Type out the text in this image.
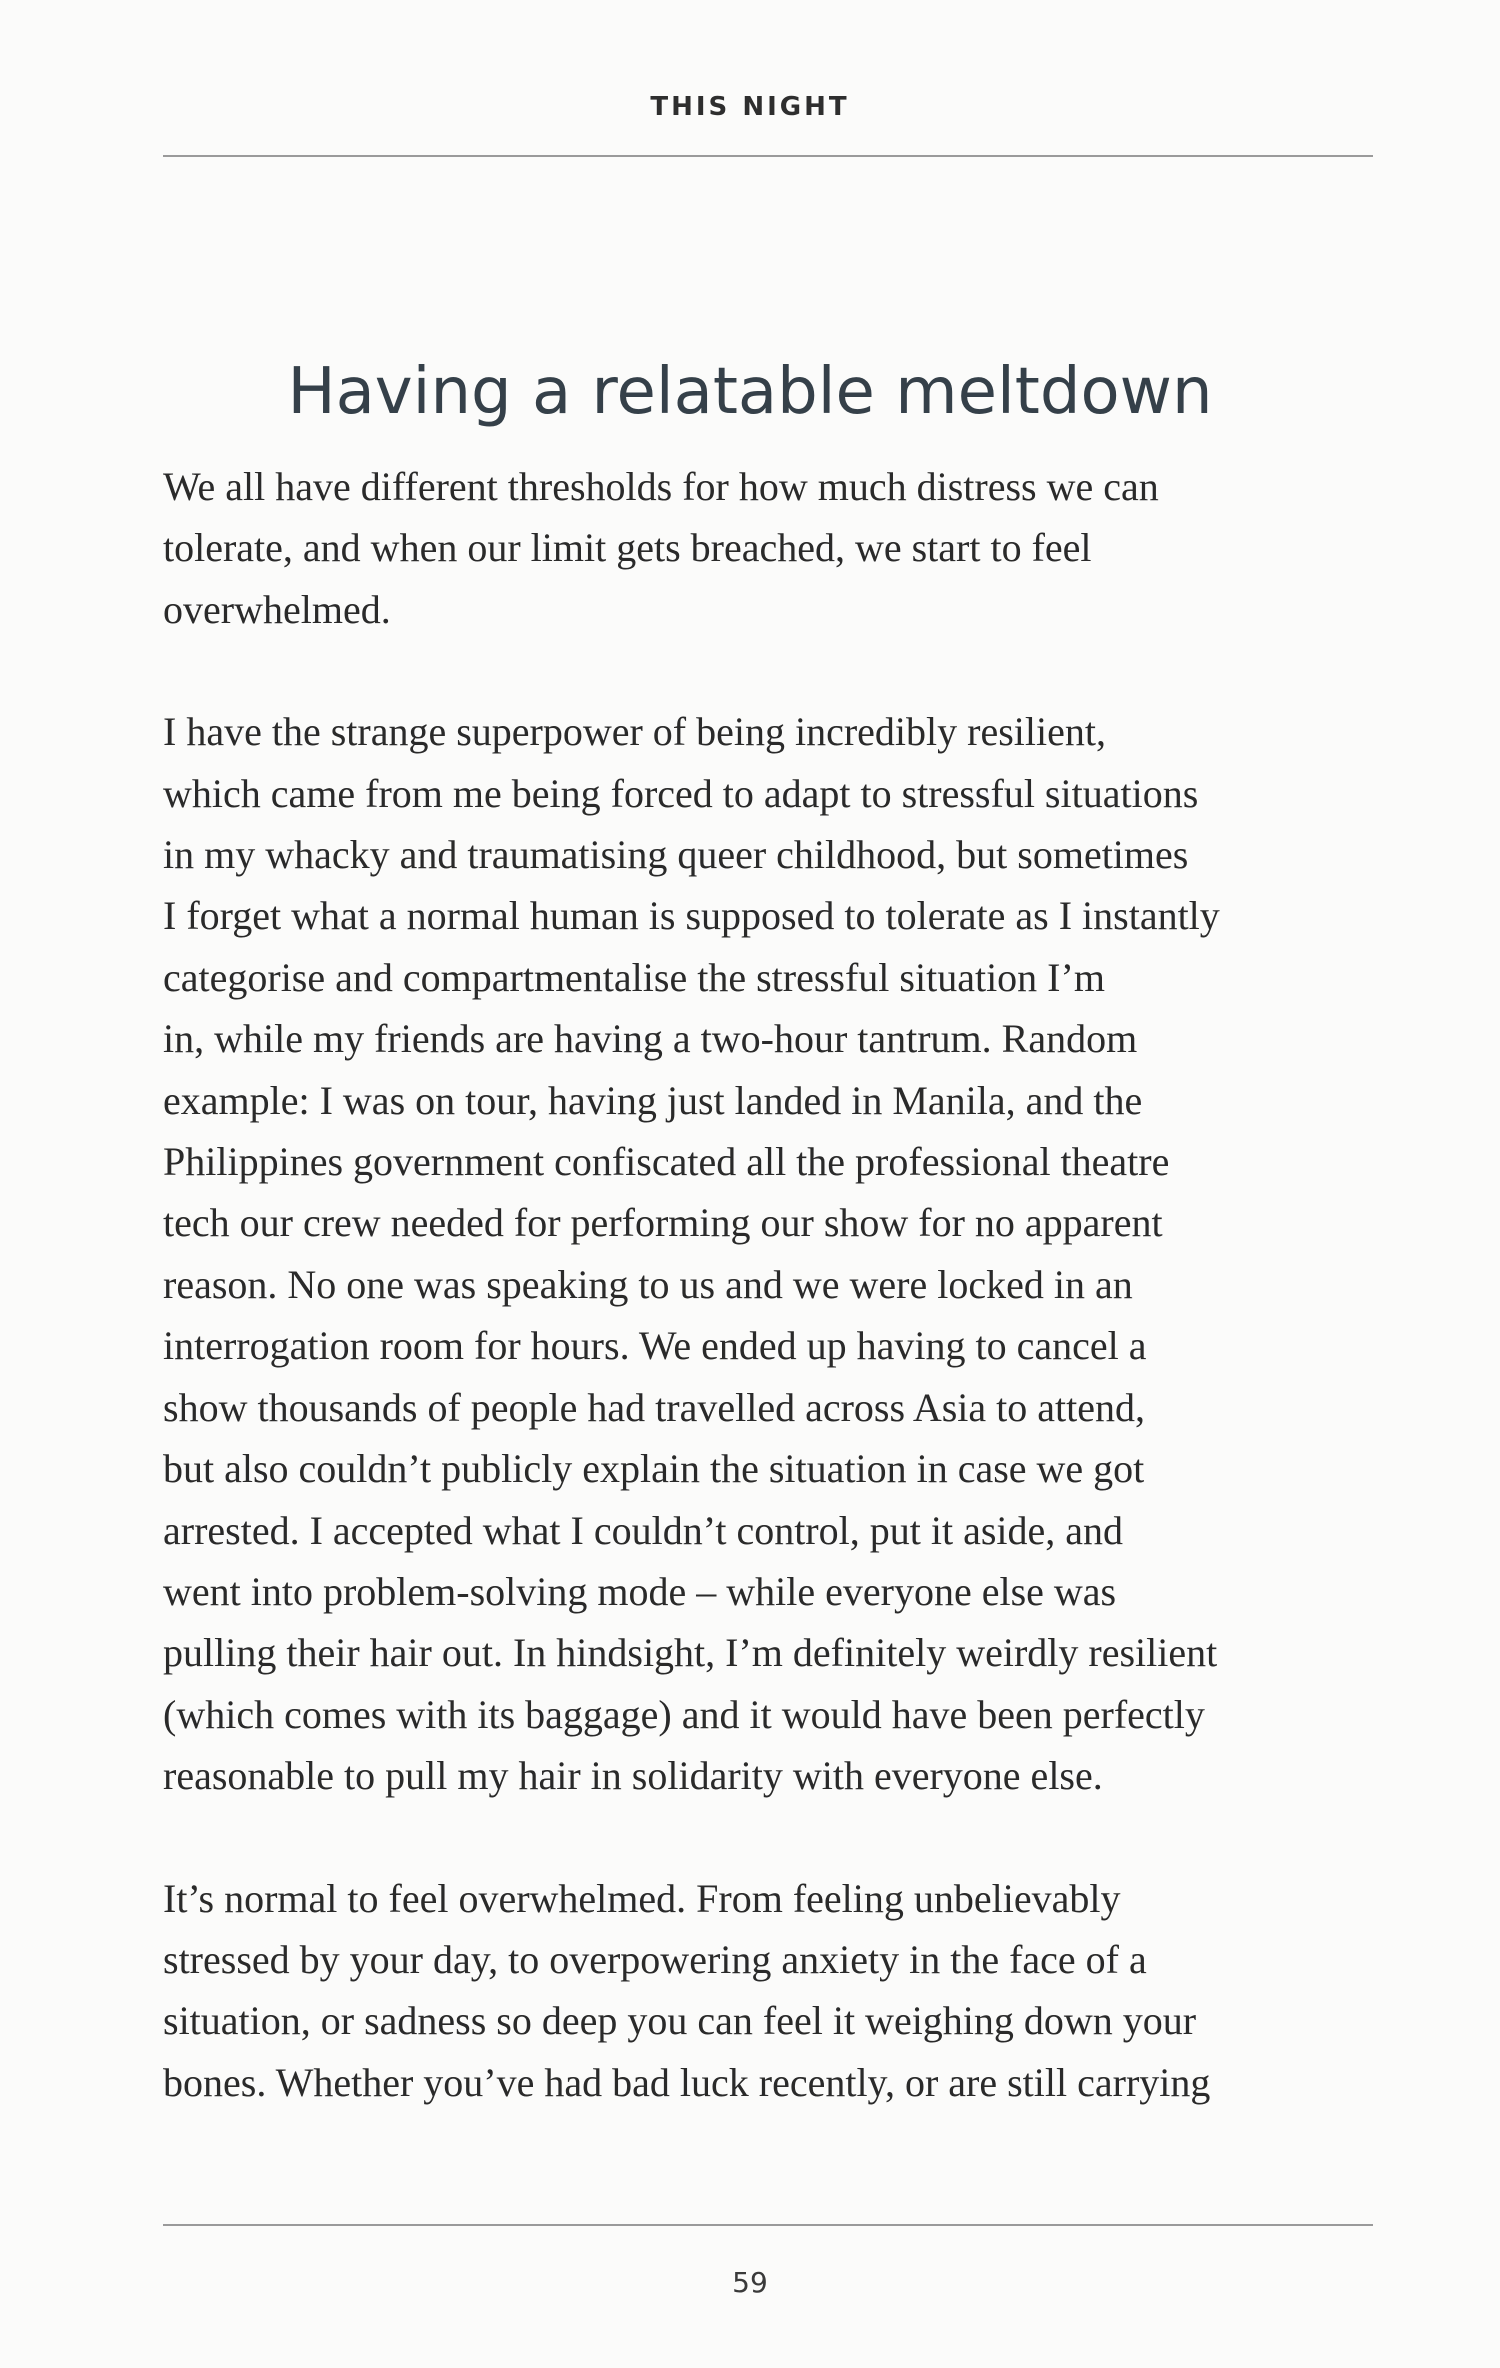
THIS NIGHT
Having a relatable meltdown

We all have different thresholds for how much distress we can
tolerate, and when our limit gets breached, we start to feel
overwhelmed.

I have the strange superpower of being incredibly resilient,
which came from me being forced to adapt to stressful situations
in my whacky and traumatising queer childhood, but sometimes
I forget what a normal human is supposed to tolerate as I instantly
categorise and compartmentalise the stressful situation I’m
in, while my friends are having a two-hour tantrum. Random
example: I was on tour, having just landed in Manila, and the
Philippines government confiscated all the professional theatre
tech our crew needed for performing our show for no apparent
reason. No one was speaking to us and we were locked in an
interrogation room for hours. We ended up having to cancel a
show thousands of people had travelled across Asia to attend,
but also couldn’t publicly explain the situation in case we got
arrested. I accepted what I couldn’t control, put it aside, and
went into problem-solving mode – while everyone else was
pulling their hair out. In hindsight, I’m definitely weirdly resilient
(which comes with its baggage) and it would have been perfectly
reasonable to pull my hair in solidarity with everyone else.

It’s normal to feel overwhelmed. From feeling unbelievably
stressed by your day, to overpowering anxiety in the face of a
situation, or sadness so deep you can feel it weighing down your
bones. Whether you’ve had bad luck recently, or are still carrying

59
